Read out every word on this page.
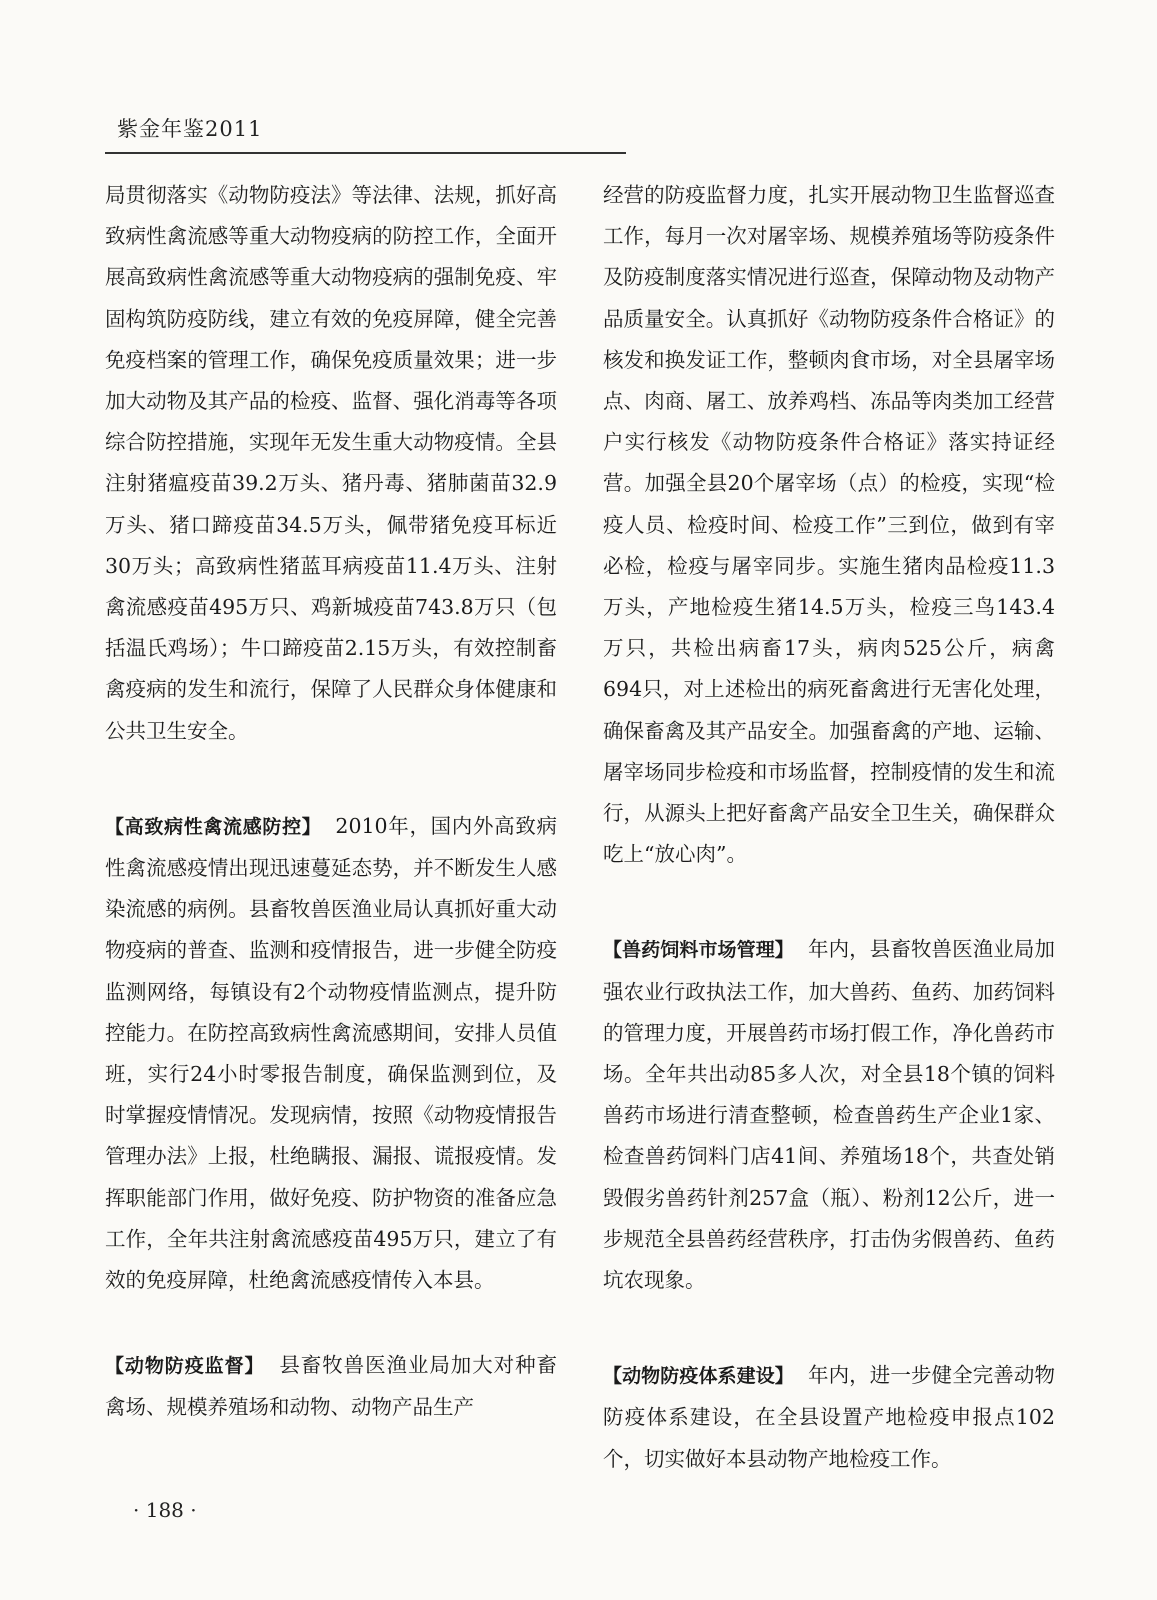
紫金年鉴2011

局贯彻落实《动物防疫法》等法律、法规，抓好高致病性禽流感等重大动物疫病的防控工作，全面开展高致病性禽流感等重大动物疫病的强制免疫、牢固构筑防疫防线，建立有效的免疫屏障，健全完善免疫档案的管理工作，确保免疫质量效果；进一步加大动物及其产品的检疫、监督、强化消毒等各项综合防控措施，实现年无发生重大动物疫情。全县注射猪瘟疫苗39.2万头、猪丹毒、猪肺菌苗32.9万头、猪口蹄疫苗34.5万头，佩带猪免疫耳标近30万头；高致病性猪蓝耳病疫苗11.4万头、注射禽流感疫苗495万只、鸡新城疫苗743.8万只（包括温氏鸡场）；牛口蹄疫苗2.15万头，有效控制畜禽疫病的发生和流行，保障了人民群众身体健康和公共卫生安全。

【高致病性禽流感防控】 2010年，国内外高致病性禽流感疫情出现迅速蔓延态势，并不断发生人感染流感的病例。县畜牧兽医渔业局认真抓好重大动物疫病的普查、监测和疫情报告，进一步健全防疫监测网络，每镇设有2个动物疫情监测点，提升防控能力。在防控高致病性禽流感期间，安排人员值班，实行24小时零报告制度，确保监测到位，及时掌握疫情情况。发现病情，按照《动物疫情报告管理办法》上报，杜绝瞒报、漏报、谎报疫情。发挥职能部门作用，做好免疫、防护物资的准备应急工作，全年共注射禽流感疫苗495万只，建立了有效的免疫屏障，杜绝禽流感疫情传入本县。

【动物防疫监督】 县畜牧兽医渔业局加大对种畜禽场、规模养殖场和动物、动物产品生产

经营的防疫监督力度，扎实开展动物卫生监督巡查工作，每月一次对屠宰场、规模养殖场等防疫条件及防疫制度落实情况进行巡查，保障动物及动物产品质量安全。认真抓好《动物防疫条件合格证》的核发和换发证工作，整顿肉食市场，对全县屠宰场点、肉商、屠工、放养鸡档、冻品等肉类加工经营户实行核发《动物防疫条件合格证》落实持证经营。加强全县20个屠宰场（点）的检疫，实现“检疫人员、检疫时间、检疫工作”三到位，做到有宰必检，检疫与屠宰同步。实施生猪肉品检疫11.3万头，产地检疫生猪14.5万头，检疫三鸟143.4万只，共检出病畜17头，病肉525公斤，病禽694只，对上述检出的病死畜禽进行无害化处理，确保畜禽及其产品安全。加强畜禽的产地、运输、屠宰场同步检疫和市场监督，控制疫情的发生和流行，从源头上把好畜禽产品安全卫生关，确保群众吃上“放心肉”。

【兽药饲料市场管理】 年内，县畜牧兽医渔业局加强农业行政执法工作，加大兽药、鱼药、加药饲料的管理力度，开展兽药市场打假工作，净化兽药市场。全年共出动85多人次，对全县18个镇的饲料兽药市场进行清查整顿，检查兽药生产企业1家、检查兽药饲料门店41间、养殖场18个，共查处销毁假劣兽药针剂257盒（瓶）、粉剂12公斤，进一步规范全县兽药经营秩序，打击伪劣假兽药、鱼药坑农现象。

【动物防疫体系建设】 年内，进一步健全完善动物防疫体系建设，在全县设置产地检疫申报点102个，切实做好本县动物产地检疫工作。

· 188 ·
